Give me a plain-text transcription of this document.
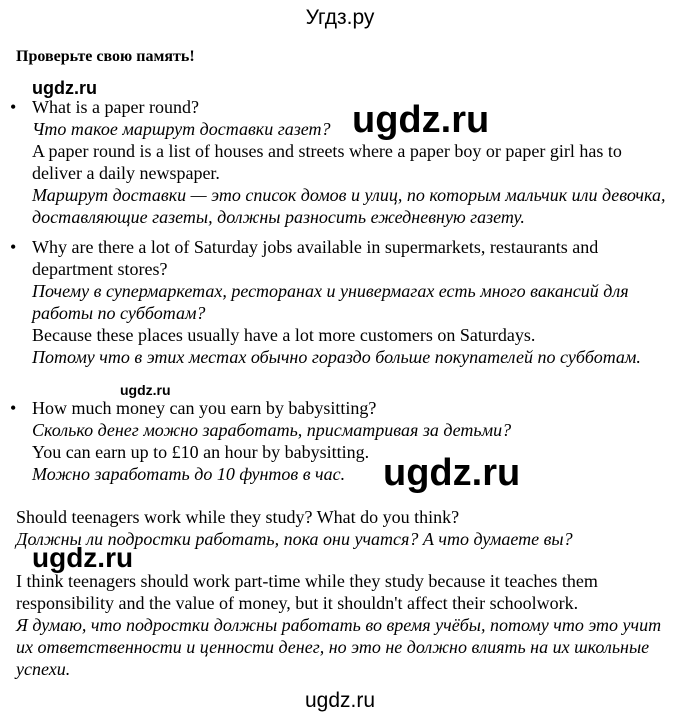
Угдз.ру
Проверьте свою память!
ugdz.ru
ugdz.ru
ugdz.ru
ugdz.ru
ugdz.ru
• What is a paper round?
Что такое маршрут доставки газет?
A paper round is a list of houses and streets where a paper boy or paper girl has to deliver a daily newspaper.
Маршрут доставки — это список домов и улиц, по которым мальчик или девочка, доставляющие газеты, должны разносить ежедневную газету.
• Why are there a lot of Saturday jobs available in supermarkets, restaurants and department stores?
Почему в супермаркетах, ресторанах и универмагах есть много вакансий для работы по субботам?
Because these places usually have a lot more customers on Saturdays.
Потому что в этих местах обычно гораздо больше покупателей по субботам.
• How much money can you earn by babysitting?
Сколько денег можно заработать, присматривая за детьми?
You can earn up to £10 an hour by babysitting.
Можно заработать до 10 фунтов в час.
Should teenagers work while they study? What do you think?
Должны ли подростки работать, пока они учатся? А что думаете вы?
I think teenagers should work part-time while they study because it teaches them responsibility and the value of money, but it shouldn't affect their schoolwork.
Я думаю, что подростки должны работать во время учёбы, потому что это учит их ответственности и ценности денег, но это не должно влиять на их школьные успехи.
ugdz.ru
